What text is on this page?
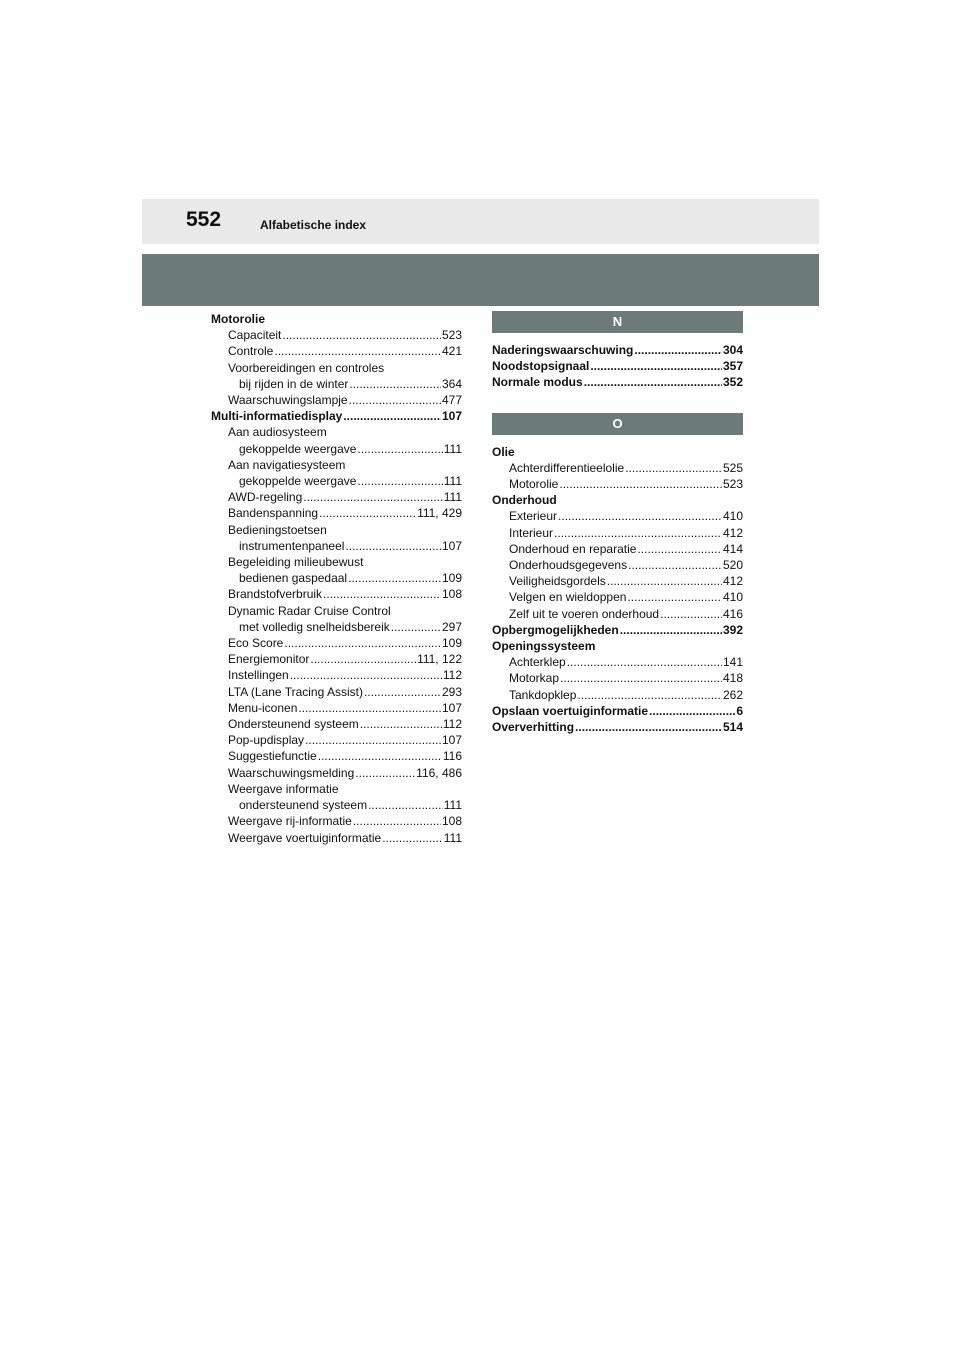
552	Alfabetische index
Motorolie
Capaciteit .....	523
Controle .....	421
Voorbereidingen en controles
bij rijden in de winter .....	364
Waarschuwingslampje .....	477
Multi-informatiedisplay .....	107
Aan audiosysteem
gekoppelde weergave .....	111
Aan navigatiesysteem
gekoppelde weergave .....	111
AWD-regeling .....	111
Bandenspanning .....	111, 429
Bedieningstoetsen
instrumentenpaneel .....	107
Begeleiding milieubewust
bedienen gaspedaal .....	109
Brandstofverbruik .....	108
Dynamic Radar Cruise Control
met volledig snelheidsbereik .....	297
Eco Score .....	109
Energiemonitor .....	111, 122
Instellingen .....	112
LTA (Lane Tracing Assist) .....	293
Menu-iconen .....	107
Ondersteunend systeem .....	112
Pop-updisplay .....	107
Suggestiefunctie .....	116
Waarschuwingsmelding .....	116, 486
Weergave informatie
ondersteunend systeem .....	111
Weergave rij-informatie .....	108
Weergave voertuiginformatie .....	111
N
Naderingswaarschuwing .....	304
Noodstopsignaal .....	357
Normale modus .....	352
O
Olie
Achterdifferentieelolie .....	525
Motorolie .....	523
Onderhoud
Exterieur .....	410
Interieur .....	412
Onderhoud en reparatie .....	414
Onderhoudsgegevens .....	520
Veiligheidsgordels .....	412
Velgen en wieldoppen .....	410
Zelf uit te voeren onderhoud .....	416
Opbergmogelijkheden .....	392
Openingssysteem
Achterklep .....	141
Motorkap .....	418
Tankdopklep .....	262
Opslaan voertuiginformatie .....	6
Oververhitting .....	514
